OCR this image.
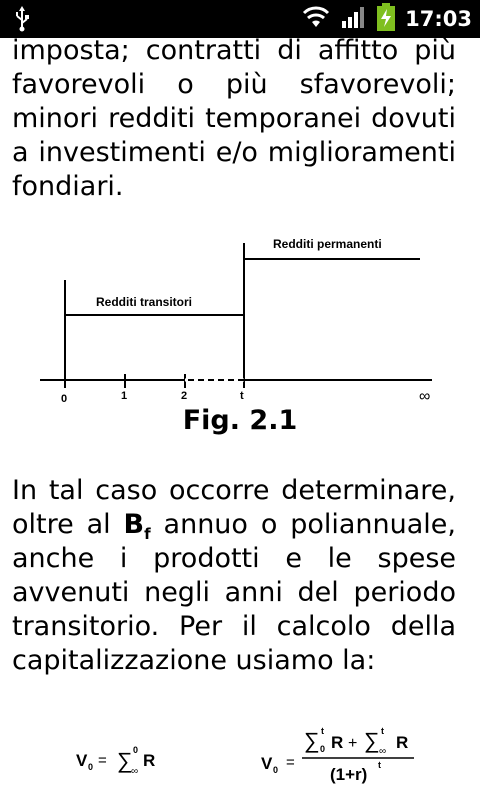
17:03
imposta; contratti di affitto più
favorevoli o più sfavorevoli;
minori redditi temporanei dovuti
a investimenti e/o miglioramenti
fondiari.
Redditi transitori
Redditi permanenti
0	1	2	t	∞
Fig. 2.1
In tal caso occorre determinare,
oltre al $B_f$ annuo o poliannuale,
anche i prodotti e le spese
avvenuti negli anni del periodo
transitorio. Per il calcolo della
capitalizzazione usiamo la:
V 0 = ∑ 0
∞
R	V 0 =
∑ t
0 R + ∑ t
∞ R
(1+r) t
